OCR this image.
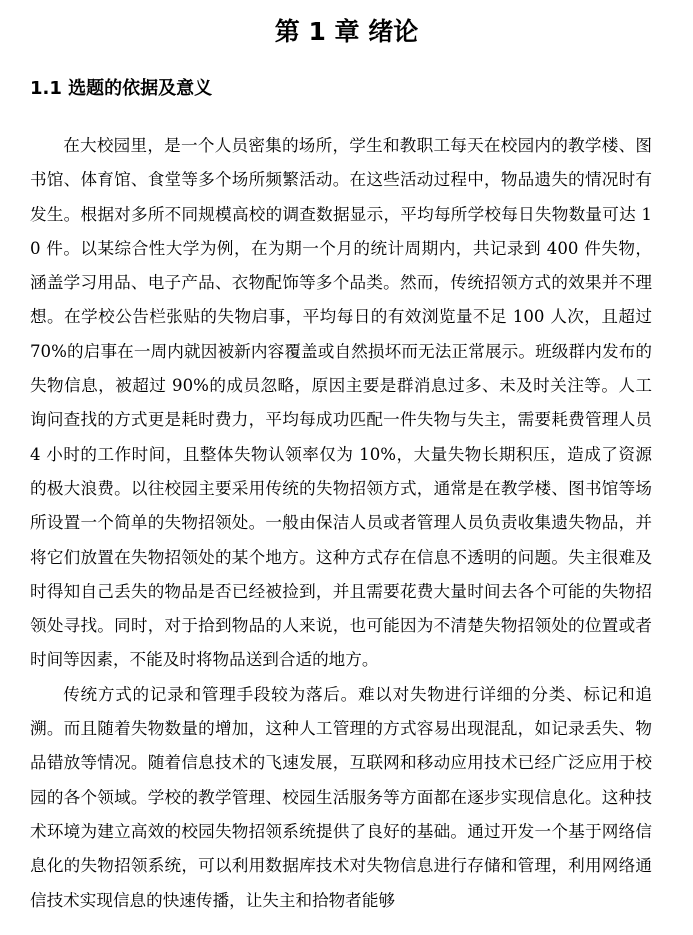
第 1 章 绪论
1.1 选题的依据及意义

在大校园里，是一个人员密集的场所，学生和教职工每天在校园内的教学楼、图书馆、体育馆、食堂等多个场所频繁活动。在这些活动过程中，物品遗失的情况时有发生。根据对多所不同规模高校的调查数据显示，平均每所学校每日失物数量可达 10 件。以某综合性大学为例，在为期一个月的统计周期内，共记录到 400 件失物，涵盖学习用品、电子产品、衣物配饰等多个品类。然而，传统招领方式的效果并不理想。在学校公告栏张贴的失物启事，平均每日的有效浏览量不足 100 人次，且超过 70%的启事在一周内就因被新内容覆盖或自然损坏而无法正常展示。班级群内发布的失物信息，被超过 90%的成员忽略，原因主要是群消息过多、未及时关注等。人工询问查找的方式更是耗时费力，平均每成功匹配一件失物与失主，需要耗费管理人员 4 小时的工作时间，且整体失物认领率仅为 10%，大量失物长期积压，造成了资源的极大浪费。以往校园主要采用传统的失物招领方式，通常是在教学楼、图书馆等场所设置一个简单的失物招领处。一般由保洁人员或者管理人员负责收集遗失物品，并将它们放置在失物招领处的某个地方。这种方式存在信息不透明的问题。失主很难及时得知自己丢失的物品是否已经被捡到，并且需要花费大量时间去各个可能的失物招领处寻找。同时，对于拾到物品的人来说，也可能因为不清楚失物招领处的位置或者时间等因素，不能及时将物品送到合适的地方。

传统方式的记录和管理手段较为落后。难以对失物进行详细的分类、标记和追溯。而且随着失物数量的增加，这种人工管理的方式容易出现混乱，如记录丢失、物品错放等情况。随着信息技术的飞速发展，互联网和移动应用技术已经广泛应用于校园的各个领域。学校的教学管理、校园生活服务等方面都在逐步实现信息化。这种技术环境为建立高效的校园失物招领系统提供了良好的基础。通过开发一个基于网络信息化的失物招领系统，可以利用数据库技术对失物信息进行存储和管理，利用网络通信技术实现信息的快速传播，让失主和拾物者能够
